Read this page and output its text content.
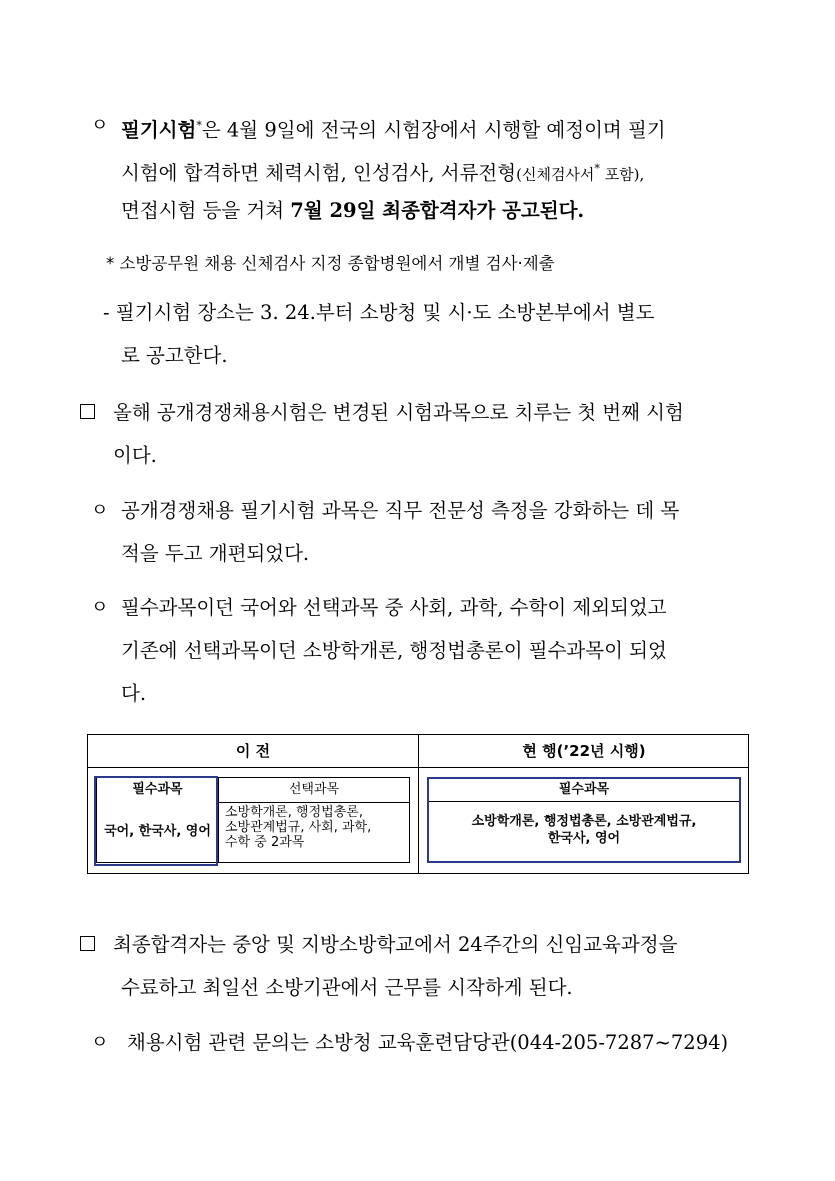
ㅇ 필기시험*은 4월 9일에 전국의 시험장에서 시행할 예정이며 필기
시험에 합격하면 체력시험, 인성검사, 서류전형(신체검사서* 포함),
면접시험 등을 거쳐 7월 29일 최종합격자가 공고된다.
* 소방공무원 채용 신체검사 지정 종합병원에서 개별 검사·제출
- 필기시험 장소는 3. 24.부터 소방청 및 시·도 소방본부에서 별도
로 공고한다.
올해 공개경쟁채용시험은 변경된 시험과목으로 치루는 첫 번째 시험
이다.
ㅇ 공개경쟁채용 필기시험 과목은 직무 전문성 측정을 강화하는 데 목
적을 두고 개편되었다.
ㅇ 필수과목이던 국어와 선택과목 중 사회, 과학, 수학이 제외되었고
기존에 선택과목이던 소방학개론, 행정법총론이 필수과목이 되었
다.
이 전	현 행(’22년 시행)
필수과목
국어, 한국사, 영어
선택과목
소방학개론, 행정법총론,
소방관계법규, 사회, 과학,
수학 중 2과목
필수과목
소방학개론, 행정법총론, 소방관계법규,
한국사, 영어
최종합격자는 중앙 및 지방소방학교에서 24주간의 신임교육과정을
수료하고 최일선 소방기관에서 근무를 시작하게 된다.
ㅇ 채용시험 관련 문의는 소방청 교육훈련담당관(044-205-7287~7294)
